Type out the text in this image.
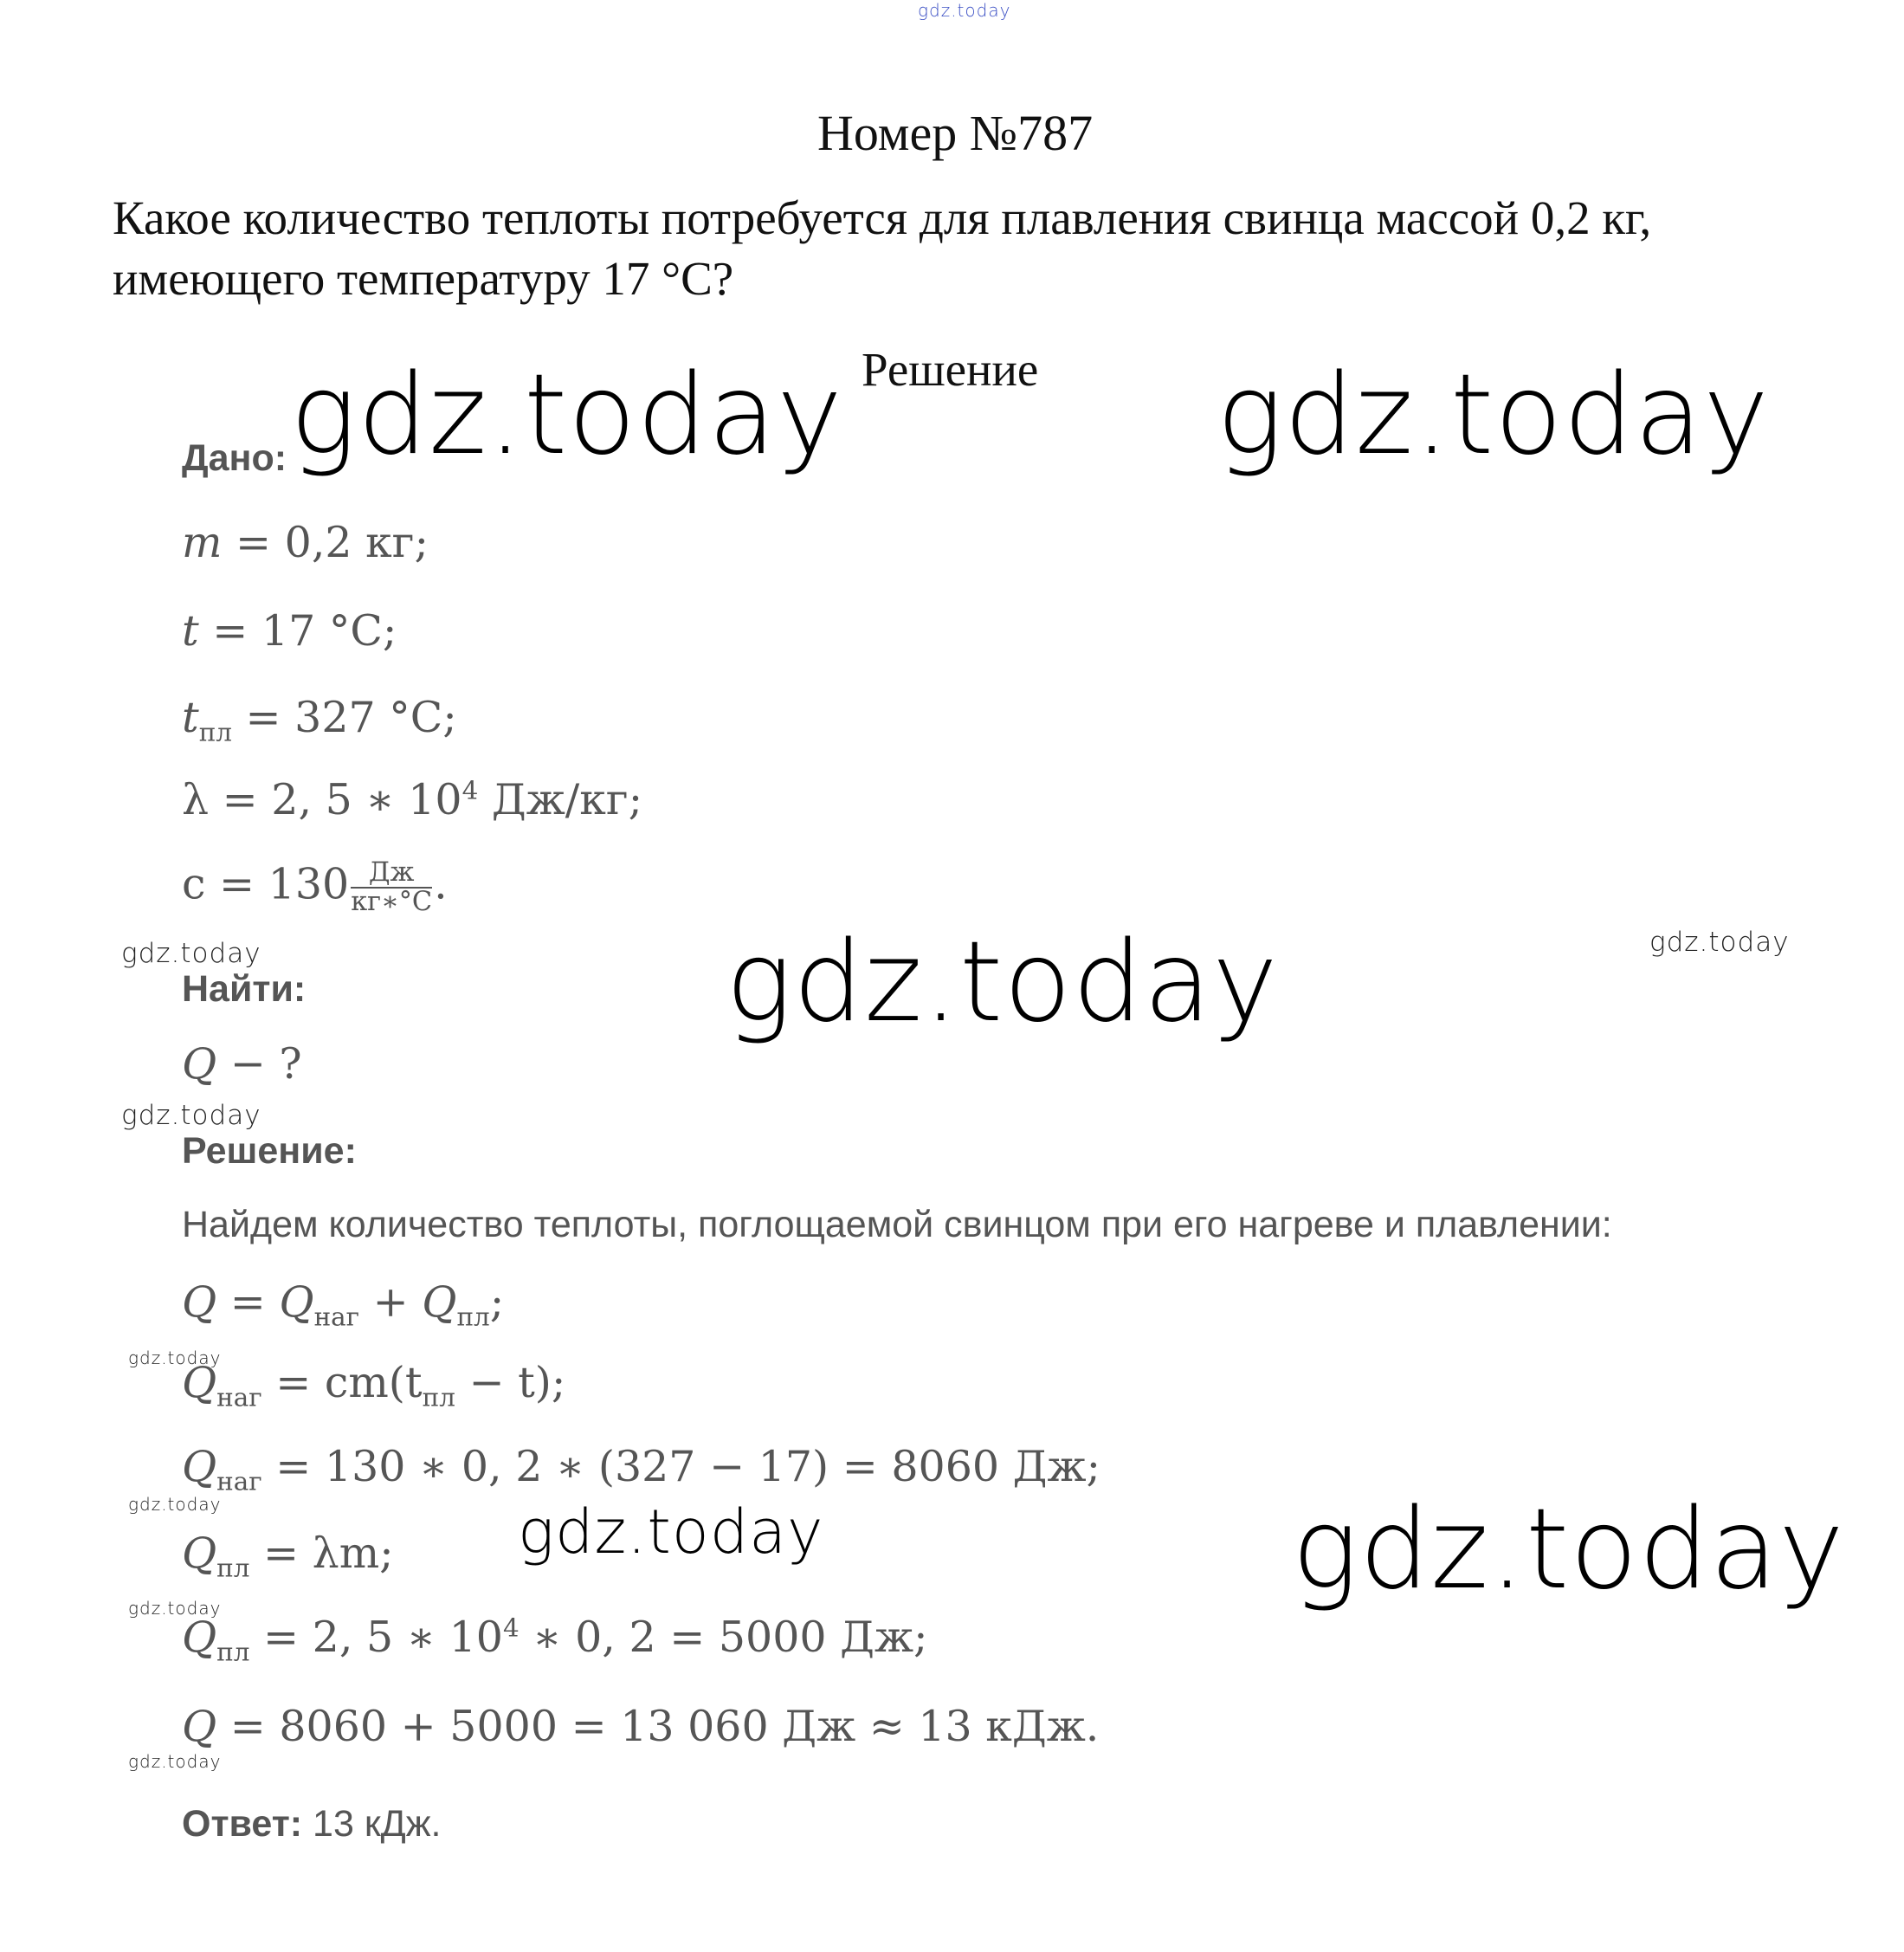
gdz.today
Номер №787
Какое количество теплоты потребуется для плавления свинца массой 0,2 кг,
имеющего температуру 17 °С?
Решение
Дано:
m = 0,2 кг;
t = 17 °С;
$t_{пл} = 327$ °С;
λ = 2, 5 ∗ $10^4$ Дж/кг;
$c = 130 \frac{Дж}{кг∗^\circ С}$ .
Найти:
Q − ?
Решение:
Найдем количество теплоты, поглощаемой свинцом при его нагреве и плавлении:
$Q = Q_{наг} + Q_{пл}$;
$Q_{наг} = cm(t_{пл} - t)$;
$Q_{наг} = 130$ ∗ 0, 2 ∗ (327 − 17) = 8060 Дж;
$Q_{пл} = \lambda m$;
$Q_{пл} = 2$, 5 ∗ $10^4$ ∗ 0, 2 = 5000 Дж;
Q = 8060 + 5000 = 13 060 Дж ≈ 13 кДж.
Ответ: 13 кДж.
gdz.today	gdz.today
gdz.today
gdz.today
gdz.today
gdz.today	gdz.today
gdz.today
gdz.today
gdz.today
gdz.today
gdz.today
